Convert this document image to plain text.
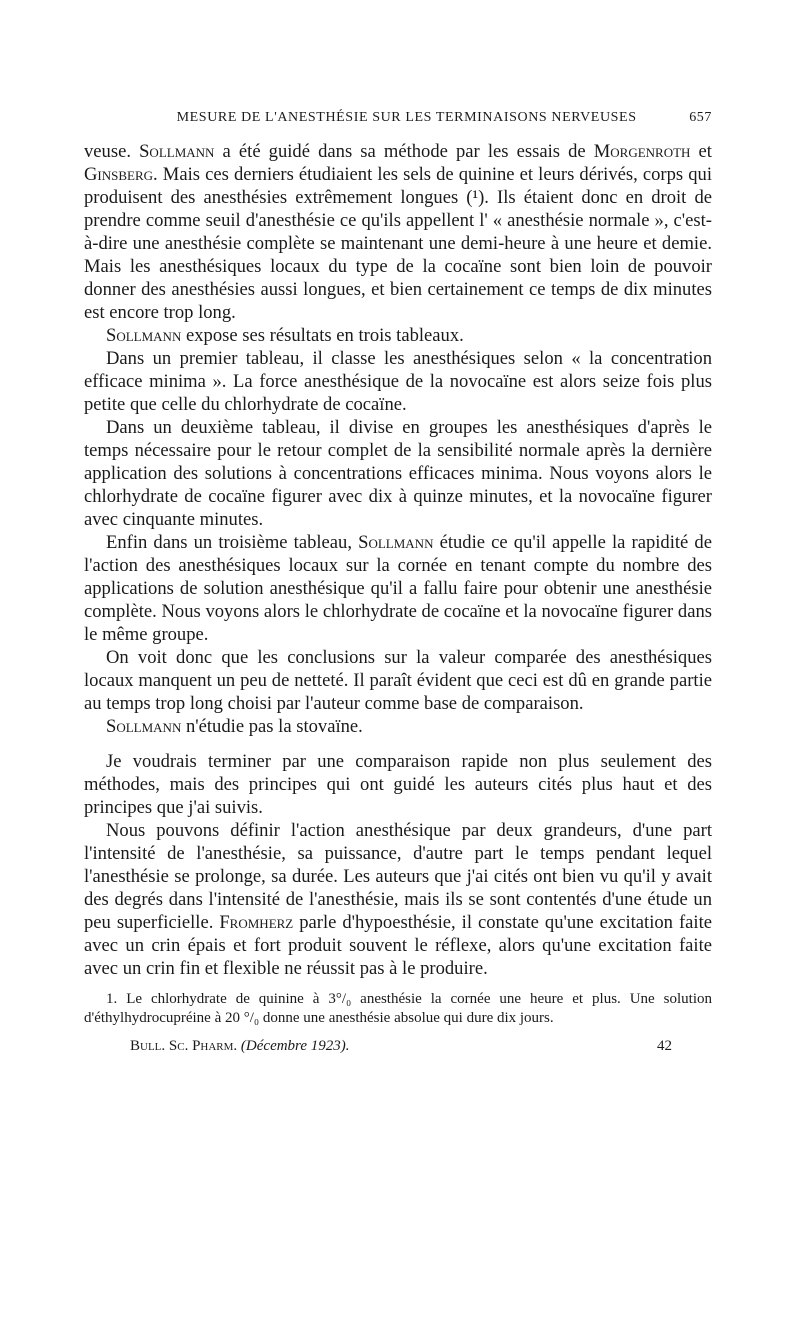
MESURE DE L'ANESTHÉSIE SUR LES TERMINAISONS NERVEUSES	657

veuse. Sollmann a été guidé dans sa méthode par les essais de Morgenroth et Ginsberg. Mais ces derniers étudiaient les sels de quinine et leurs dérivés, corps qui produisent des anesthésies extrêmement longues (¹). Ils étaient donc en droit de prendre comme seuil d'anesthésie ce qu'ils appellent l' « anesthésie normale », c'est-à-dire une anesthésie complète se maintenant une demi-heure à une heure et demie. Mais les anesthésiques locaux du type de la cocaïne sont bien loin de pouvoir donner des anesthésies aussi longues, et bien certainement ce temps de dix minutes est encore trop long.

Sollmann expose ses résultats en trois tableaux.

Dans un premier tableau, il classe les anesthésiques selon « la concentration efficace minima ». La force anesthésique de la novocaïne est alors seize fois plus petite que celle du chlorhydrate de cocaïne.

Dans un deuxième tableau, il divise en groupes les anesthésiques d'après le temps nécessaire pour le retour complet de la sensibilité normale après la dernière application des solutions à concentrations efficaces minima. Nous voyons alors le chlorhydrate de cocaïne figurer avec dix à quinze minutes, et la novocaïne figurer avec cinquante minutes.

Enfin dans un troisième tableau, Sollmann étudie ce qu'il appelle la rapidité de l'action des anesthésiques locaux sur la cornée en tenant compte du nombre des applications de solution anesthésique qu'il a fallu faire pour obtenir une anesthésie complète. Nous voyons alors le chlorhydrate de cocaïne et la novocaïne figurer dans le même groupe.

On voit donc que les conclusions sur la valeur comparée des anesthésiques locaux manquent un peu de netteté. Il paraît évident que ceci est dû en grande partie au temps trop long choisi par l'auteur comme base de comparaison.

Sollmann n'étudie pas la stovaïne.

Je voudrais terminer par une comparaison rapide non plus seulement des méthodes, mais des principes qui ont guidé les auteurs cités plus haut et des principes que j'ai suivis.

Nous pouvons définir l'action anesthésique par deux grandeurs, d'une part l'intensité de l'anesthésie, sa puissance, d'autre part le temps pendant lequel l'anesthésie se prolonge, sa durée. Les auteurs que j'ai cités ont bien vu qu'il y avait des degrés dans l'intensité de l'anesthésie, mais ils se sont contentés d'une étude un peu superficielle. Fromherz parle d'hypoesthésie, il constate qu'une excitation faite avec un crin épais et fort produit souvent le réflexe, alors qu'une excitation faite avec un crin fin et flexible ne réussit pas à le produire.

1. Le chlorhydrate de quinine à 3°/₀ anesthésie la cornée une heure et plus. Une solution d'éthylhydrocupréine à 20 °/₀ donne une anesthésie absolue qui dure dix jours.
Bull. Sc. Pharm. (Décembre 1923).	42
